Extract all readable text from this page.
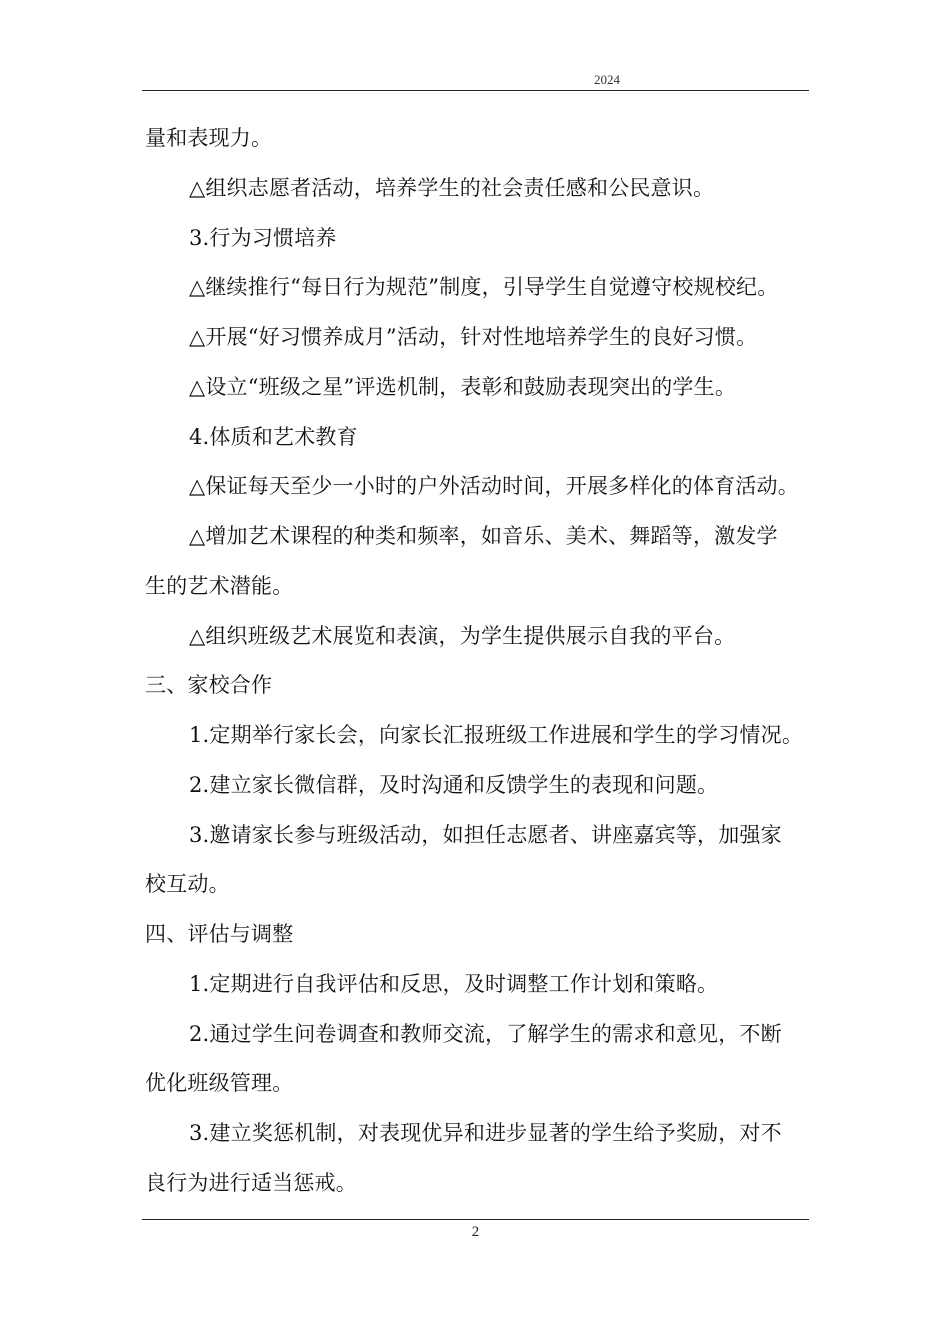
2024
量和表现力。
△组织志愿者活动，培养学生的社会责任感和公民意识。
3.行为习惯培养
△继续推行“每日行为规范”制度，引导学生自觉遵守校规校纪。
△开展“好习惯养成月”活动，针对性地培养学生的良好习惯。
△设立“班级之星”评选机制，表彰和鼓励表现突出的学生。
4.体质和艺术教育
△保证每天至少一小时的户外活动时间，开展多样化的体育活动。
△增加艺术课程的种类和频率，如音乐、美术、舞蹈等，激发学
生的艺术潜能。
△组织班级艺术展览和表演，为学生提供展示自我的平台。
三、家校合作
1.定期举行家长会，向家长汇报班级工作进展和学生的学习情况。
2.建立家长微信群，及时沟通和反馈学生的表现和问题。
3.邀请家长参与班级活动，如担任志愿者、讲座嘉宾等，加强家
校互动。
四、评估与调整
1.定期进行自我评估和反思，及时调整工作计划和策略。
2.通过学生问卷调查和教师交流，了解学生的需求和意见，不断
优化班级管理。
3.建立奖惩机制，对表现优异和进步显著的学生给予奖励，对不
良行为进行适当惩戒。
2
